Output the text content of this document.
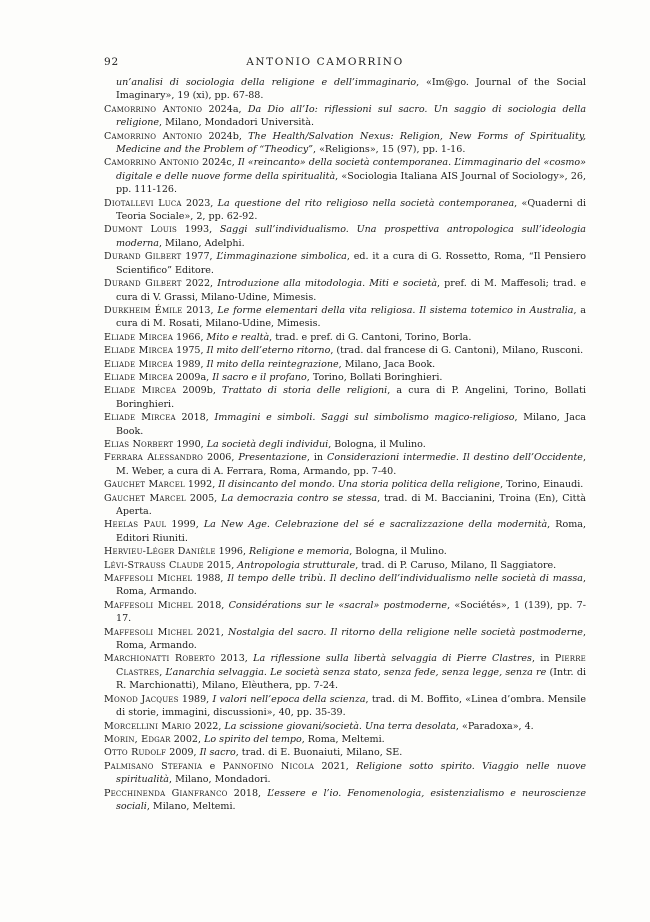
92	ANTONIO CAMORRINO

un’analisi di sociologia della religione e dell’immaginario, «Im@go. Journal of the Social Imaginary», 19 (xi), pp. 67-88.

Camorrino Antonio 2024a, Da Dio all’Io: riflessioni sul sacro. Un saggio di sociologia della religione, Milano, Mondadori Università.

Camorrino Antonio 2024b, The Health/Salvation Nexus: Religion, New Forms of Spirituality, Medicine and the Problem of “Theodicy”, «Religions», 15 (97), pp. 1-16.

Camorrino Antonio 2024c, Il «reincanto» della società contemporanea. L’immaginario del «cosmo» digitale e delle nuove forme della spiritualità, «Sociologia Italiana AIS Journal of Sociology», 26, pp. 111-126.

Diotallevi Luca 2023, La questione del rito religioso nella società contemporanea, «Quaderni di Teoria Sociale», 2, pp. 62-92.

Dumont Louis 1993, Saggi sull’individualismo. Una prospettiva antropologica sull’ideologia moderna, Milano, Adelphi.

Durand Gilbert 1977, L’immaginazione simbolica, ed. it a cura di G. Rossetto, Roma, “Il Pensiero Scientifico” Editore.

Durand Gilbert 2022, Introduzione alla mitodologia. Miti e società, pref. di M. Maffesoli; trad. e cura di V. Grassi, Milano-Udine, Mimesis.

Durkheim Émile 2013, Le forme elementari della vita religiosa. Il sistema totemico in Australia, a cura di M. Rosati, Milano-Udine, Mimesis.

Eliade Mircea 1966, Mito e realtà, trad. e pref. di G. Cantoni, Torino, Borla.

Eliade Mircea 1975, Il mito dell’eterno ritorno, (trad. dal francese di G. Cantoni), Milano, Rusconi.

Eliade Mircea 1989, Il mito della reintegrazione, Milano, Jaca Book.

Eliade Mircea 2009a, Il sacro e il profano, Torino, Bollati Boringhieri.

Eliade Mircea 2009b, Trattato di storia delle religioni, a cura di P. Angelini, Torino, Bollati Boringhieri.

Eliade Mircea 2018, Immagini e simboli. Saggi sul simbolismo magico-religioso, Milano, Jaca Book.

Elias Norbert 1990, La società degli individui, Bologna, il Mulino.

Ferrara Alessandro 2006, Presentazione, in Considerazioni intermedie. Il destino dell’Occidente, M. Weber, a cura di A. Ferrara, Roma, Armando, pp. 7-40.

Gauchet Marcel 1992, Il disincanto del mondo. Una storia politica della religione, Torino, Einaudi.

Gauchet Marcel 2005, La democrazia contro se stessa, trad. di M. Baccianini, Troina (En), Città Aperta.

Heelas Paul 1999, La New Age. Celebrazione del sé e sacralizzazione della modernità, Roma, Editori Riuniti.

Hervieu-Léger Danièle 1996, Religione e memoria, Bologna, il Mulino.

Lévi-Strauss Claude 2015, Antropologia strutturale, trad. di P. Caruso, Milano, Il Saggiatore.

Maffesoli Michel 1988, Il tempo delle tribù. Il declino dell’individualismo nelle società di massa, Roma, Armando.

Maffesoli Michel 2018, Considérations sur le «sacral» postmoderne, «Sociétés», 1 (139), pp. 7-17.

Maffesoli Michel 2021, Nostalgia del sacro. Il ritorno della religione nelle società postmoderne, Roma, Armando.

Marchionatti Roberto 2013, La riflessione sulla libertà selvaggia di Pierre Clastres, in Pierre Clastres, L’anarchia selvaggia. Le società senza stato, senza fede, senza legge, senza re (Intr. di R. Marchionatti), Milano, Elèuthera, pp. 7-24.

Monod Jacques 1989, I valori nell’epoca della scienza, trad. di M. Boffito, «Linea d’ombra. Mensile di storie, immagini, discussioni», 40, pp. 35-39.

Morcellini Mario 2022, La scissione giovani/società. Una terra desolata, «Paradoxa», 4.

Morin, Edgar 2002, Lo spirito del tempo, Roma, Meltemi.

Otto Rudolf 2009, Il sacro, trad. di E. Buonaiuti, Milano, SE.

Palmisano Stefania e Pannofino Nicola 2021, Religione sotto spirito. Viaggio nelle nuove spiritualità, Milano, Mondadori.

Pecchinenda Gianfranco 2018, L’essere e l’io. Fenomenologia, esistenzialismo e neuroscienze sociali, Milano, Meltemi.
